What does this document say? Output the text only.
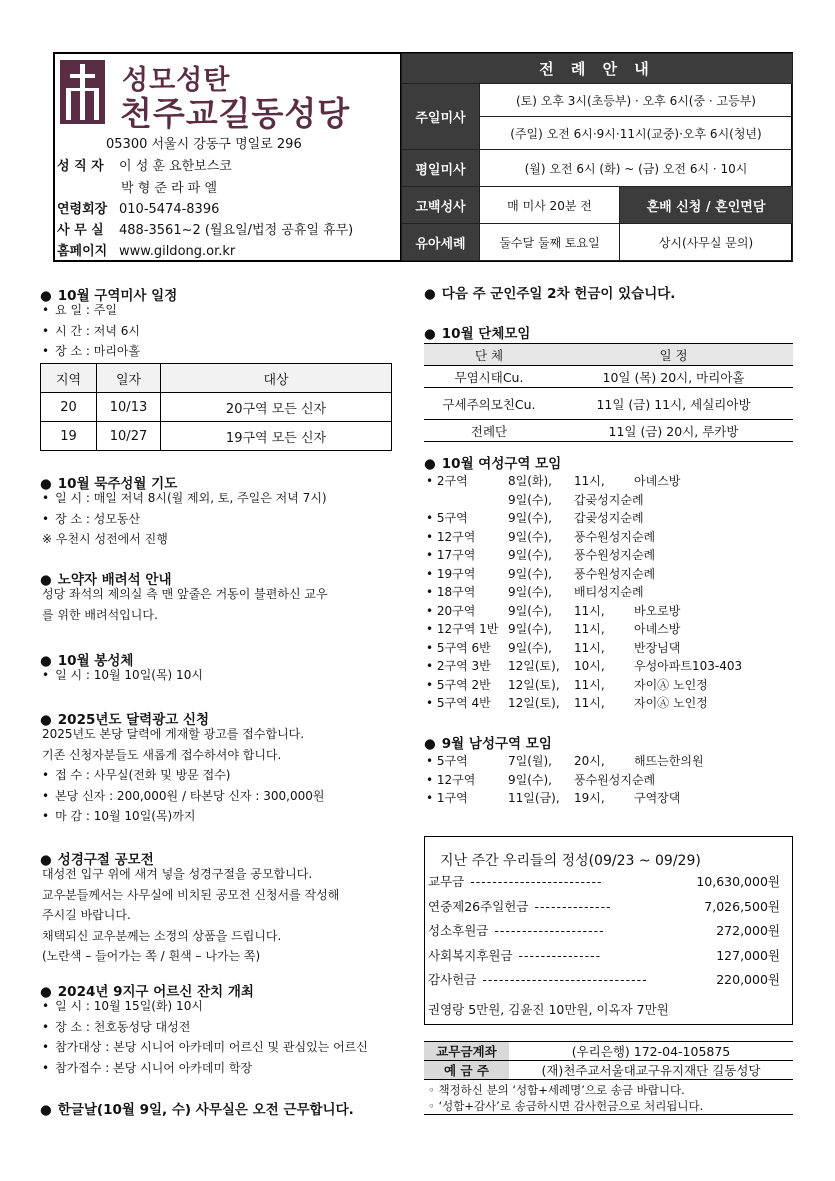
성모성탄
천주교길동성당
05300 서울시 강동구 명일로 296
성 직 자 이 성 훈 요한보스코
박 형 준 라 파 엘
연령회장 010-5474-8396
사 무 실 488-3561~2 (월요일/법정 공휴일 휴무)
홈페이지 www.gildong.or.kr
전 례 안 내		
주일미사	(토) 오후 3시(초등부) · 오후 6시(중 · 고등부)	
	(주일) 오전 6시·9시·11시(교중)·오후 6시(청년)	
평일미사	(월) 오전 6시 (화) ~ (금) 오전 6시 · 10시	
고백성사	매 미사 20분 전	혼배 신청 / 혼인면담
유아세례	둘수달 둘째 토요일	상시(사무실 문의)
● 10월 구역미사 일정
• 요 일 : 주일
• 시 간 : 저녁 6시
• 장 소 : 마리아홀
지역	일자	대상
20	10/13	20구역 모든 신자
19	10/27	19구역 모든 신자
● 10월 묵주성월 기도
• 일 시 : 매일 저녁 8시(월 제외, 토, 주일은 저녁 7시)
• 장 소 : 성모동산
※ 우천시 성전에서 진행
● 노약자 배려석 안내
성당 좌석의 제의실 측 맨 앞줄은 거동이 불편하신 교우
를 위한 배려석입니다.
● 10월 봉성체
• 일 시 : 10월 10일(목) 10시
● 2025년도 달력광고 신청
2025년도 본당 달력에 게재할 광고를 접수합니다.
기존 신청자분들도 새롭게 접수하셔야 합니다.
• 접 수 : 사무실(전화 및 방문 접수)
• 본당 신자 : 200,000원 / 타본당 신자 : 300,000원
• 마 감 : 10월 10일(목)까지
● 성경구절 공모전
대성전 입구 위에 새겨 넣을 성경구절을 공모합니다.
교우분들께서는 사무실에 비치된 공모전 신청서를 작성해
주시길 바랍니다.
채택되신 교우분께는 소정의 상품을 드립니다.
(노란색 – 들어가는 쪽 / 흰색 – 나가는 쪽)
● 2024년 9지구 어르신 잔치 개최
• 일 시 : 10월 15일(화) 10시
• 장 소 : 천호동성당 대성전
• 참가대상 : 본당 시니어 아카데미 어르신 및 관심있는 어르신
• 참가접수 : 본당 시니어 아카데미 학장
● 한글날(10월 9일, 수) 사무실은 오전 근무합니다.
● 다음 주 군인주일 2차 헌금이 있습니다.
● 10월 단체모임
단 체	일 정
무염시태Cu.	10일 (목) 20시, 마리아홀
구세주의모친Cu.	11일 (금) 11시, 세실리아방
전례단	11일 (금) 20시, 루카방
● 10월 여성구역 모임
• 2구역	8일(화), 11시, 아녜스방
9일(수), 갑곶성지순례
• 5구역	9일(수), 갑곶성지순례
• 12구역	9일(수), 풍수원성지순례
• 17구역	9일(수), 풍수원성지순례
• 19구역	9일(수), 풍수원성지순례
• 18구역	9일(수), 배티성지순례
• 20구역	9일(수), 11시, 바오로방
• 12구역 1반 9일(수), 11시, 아녜스방
• 5구역 6반 9일(수), 11시, 반장님댁
• 2구역 3반 12일(토), 10시, 우성아파트103-403
• 5구역 2반 12일(토), 11시, 자이Ⓐ 노인정
• 5구역 4반 12일(토), 11시, 자이Ⓐ 노인정
● 9월 남성구역 모임
• 5구역	7일(월), 20시, 해뜨는한의원
• 12구역	9일(수), 풍수원성지순례
• 1구역	11일(금), 19시, 구역장댁
지난 주간 우리들의 정성(09/23 ~ 09/29)
교무금 ------------------------	10,630,000원
연중제26주일헌금 --------------	7,026,500원
성소후원금 --------------------	272,000원
사회복지후원금 ---------------	127,000원
감사헌금 ------------------------------	220,000원
권영랑 5만원, 김윤진 10만원, 이옥자 7만원
교무금계좌	(우리은행) 172-04-105875
예 금 주	(재)천주교서울대교구유지재단 길동성당
◦ 책정하신 분의 ‘성함+세례명’으로 송금 바랍니다.
◦ ‘성함+감사’로 송금하시면 감사헌금으로 처리됩니다.
